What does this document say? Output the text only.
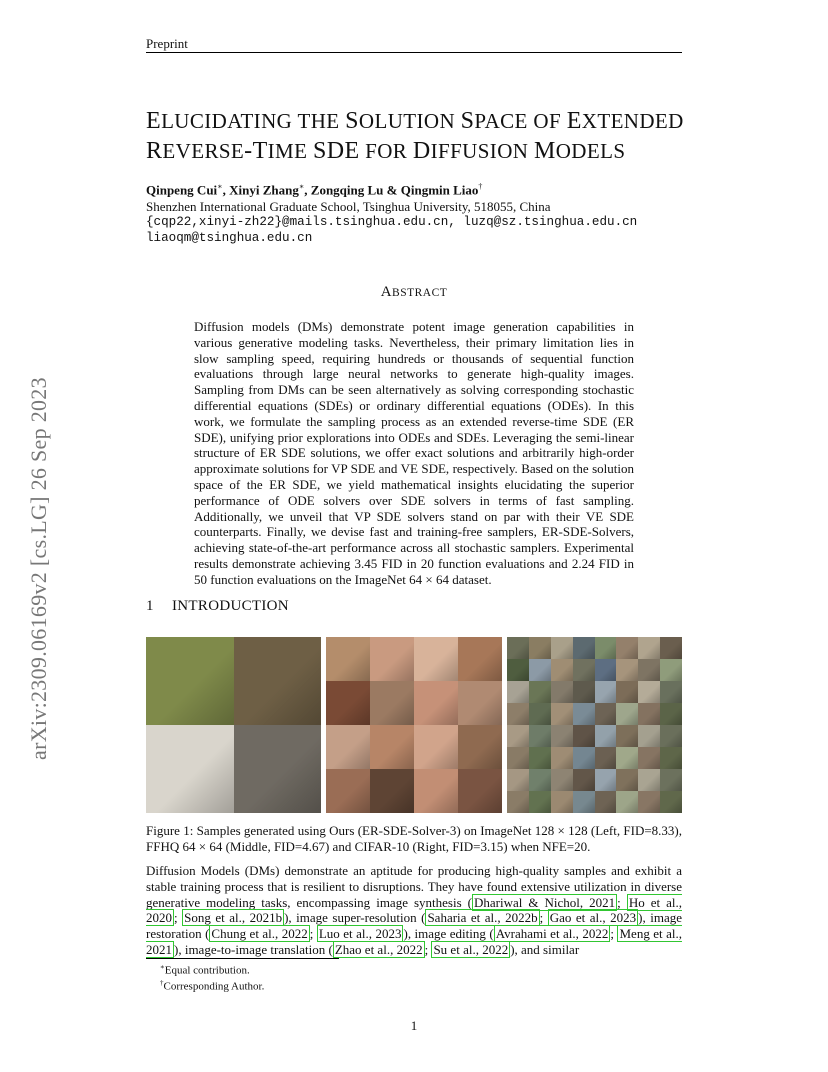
Preprint
ELUCIDATING THE SOLUTION SPACE OF EXTENDED
REVERSE-TIME SDE FOR DIFFUSION MODELS
Qinpeng Cui∗, Xinyi Zhang∗, Zongqing Lu & Qingmin Liao†
Shenzhen International Graduate School, Tsinghua University, 518055, China
{cqp22,xinyi-zh22}@mails.tsinghua.edu.cn, luzq@sz.tsinghua.edu.cn
liaoqm@tsinghua.edu.cn
arXiv:2309.06169v2 [cs.LG] 26 Sep 2023
ABSTRACT
Diffusion models (DMs) demonstrate potent image generation capabilities in various generative modeling tasks. Nevertheless, their primary limitation lies in slow sampling speed, requiring hundreds or thousands of sequential function evaluations through large neural networks to generate high-quality images. Sampling from DMs can be seen alternatively as solving corresponding stochastic differential equations (SDEs) or ordinary differential equations (ODEs). In this work, we formulate the sampling process as an extended reverse-time SDE (ER SDE), unifying prior explorations into ODEs and SDEs. Leveraging the semi-linear structure of ER SDE solutions, we offer exact solutions and arbitrarily high-order approximate solutions for VP SDE and VE SDE, respectively. Based on the solution space of the ER SDE, we yield mathematical insights elucidating the superior performance of ODE solvers over SDE solvers in terms of fast sampling. Additionally, we unveil that VP SDE solvers stand on par with their VE SDE counterparts. Finally, we devise fast and training-free samplers, ER-SDE-Solvers, achieving state-of-the-art performance across all stochastic samplers. Experimental results demonstrate achieving 3.45 FID in 20 function evaluations and 2.24 FID in 50 function evaluations on the ImageNet 64 × 64 dataset.
1 INTRODUCTION
Figure 1: Samples generated using Ours (ER-SDE-Solver-3) on ImageNet 128 × 128 (Left, FID=8.33), FFHQ 64 × 64 (Middle, FID=4.67) and CIFAR-10 (Right, FID=3.15) when NFE=20.
Diffusion Models (DMs) demonstrate an aptitude for producing high-quality samples and exhibit a stable training process that is resilient to disruptions. They have found extensive utilization in diverse generative modeling tasks, encompassing image synthesis ( Dhariwal & Nichol, 2021 ; Ho et al., 2020 ; Song et al., 2021b ), image super-resolution ( Saharia et al., 2022b ; Gao et al., 2023 ), image restoration ( Chung et al., 2022 ; Luo et al., 2023 ), image editing ( Avrahami et al., 2022 ; Meng et al., 2021 ), image-to-image translation ( Zhao et al., 2022 ; Su et al., 2022 ), and similar
∗Equal contribution.
†Corresponding Author.
1
